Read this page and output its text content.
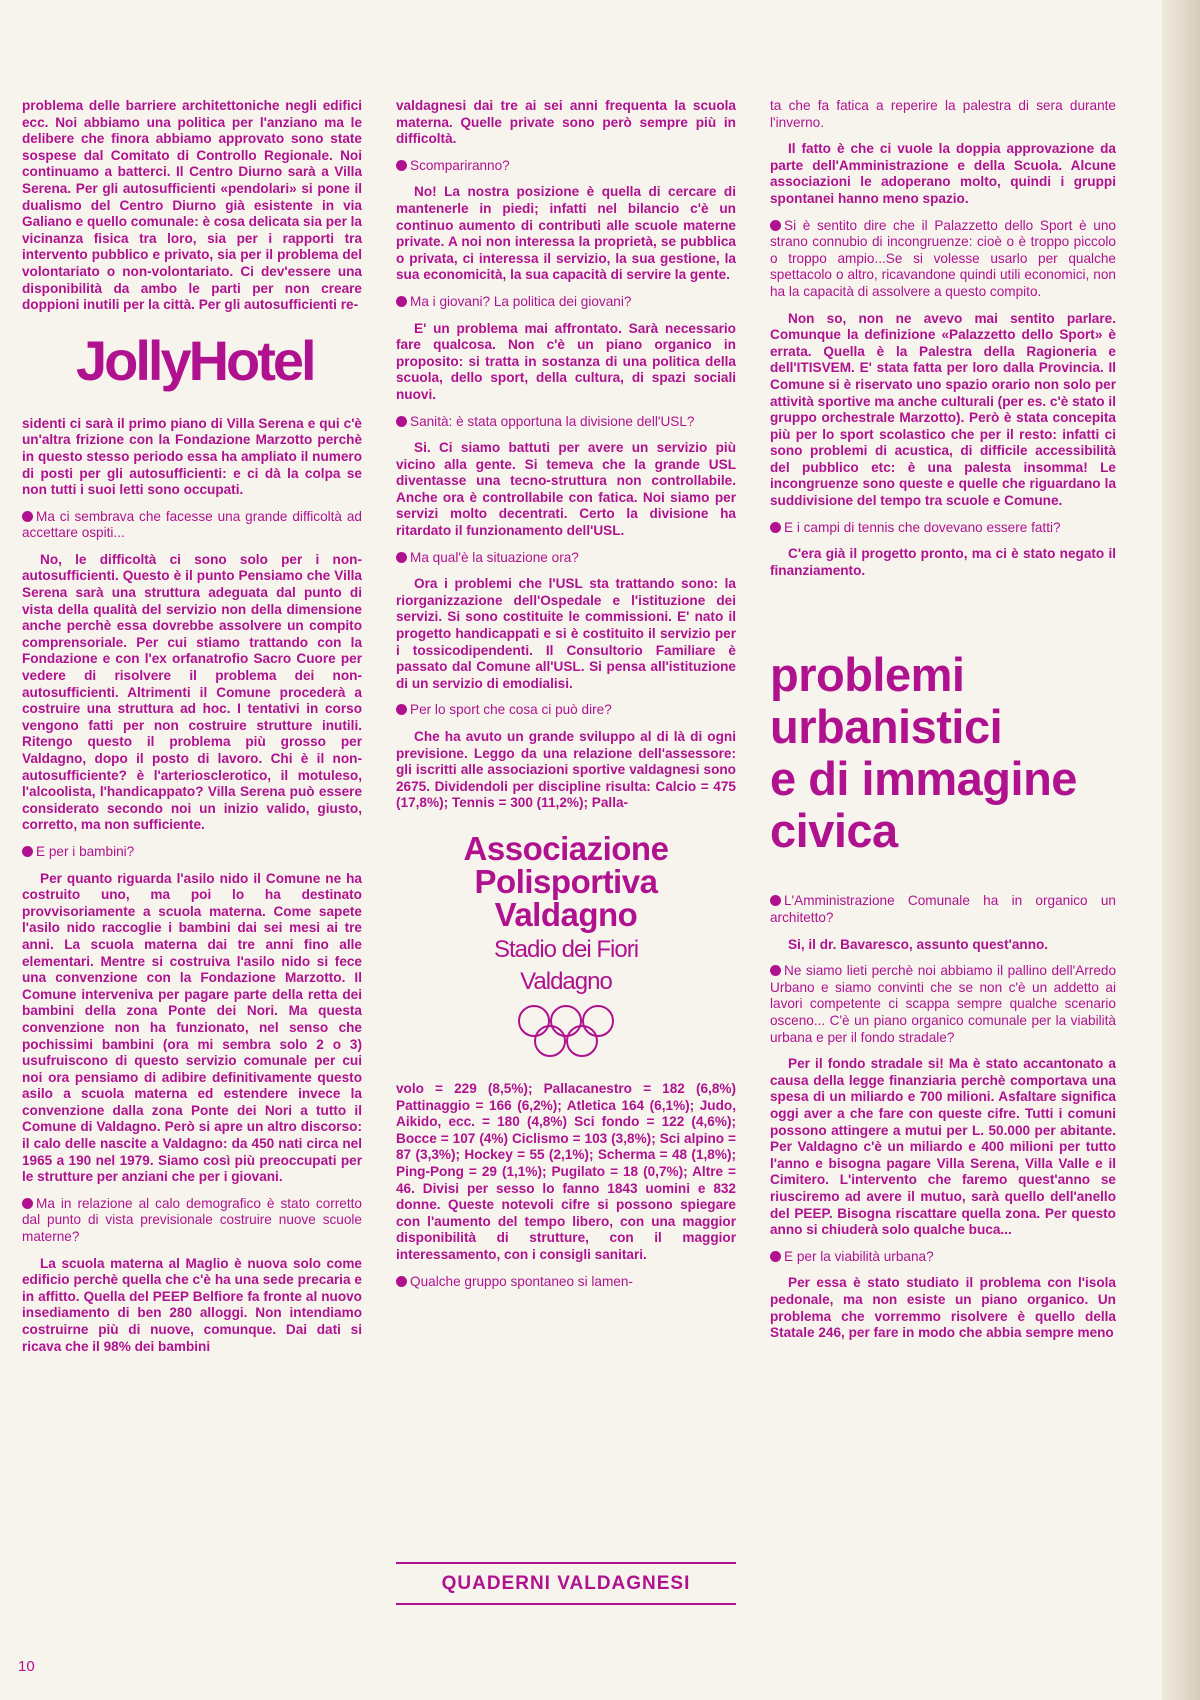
problema delle barriere architettoniche negli edifici ecc. Noi abbiamo una politica per l'anziano ma le delibere che finora abbiamo approvato sono state sospese dal Comitato di Controllo Regionale. Noi continuamo a batterci. Il Centro Diurno sarà a Villa Serena. Per gli autosufficienti «pendolari» si pone il dualismo del Centro Diurno già esistente in via Galiano e quello comunale: è cosa delicata sia per la vicinanza fisica tra loro, sia per i rapporti tra intervento pubblico e privato, sia per il problema del volontariato o non-volontariato. Ci dev'essere una disponibilità da ambo le parti per non creare doppioni inutili per la città. Per gli autosufficienti re-

JollyHotel

sidenti ci sarà il primo piano di Villa Serena e qui c'è un'altra frizione con la Fondazione Marzotto perchè in questo stesso periodo essa ha ampliato il numero di posti per gli autosufficienti: e ci dà la colpa se non tutti i suoi letti sono occupati.

Ma ci sembrava che facesse una grande difficoltà ad accettare ospiti...

No, le difficoltà ci sono solo per i non-autosufficienti. Questo è il punto Pensiamo che Villa Serena sarà una struttura adeguata dal punto di vista della qualità del servizio non della dimensione anche perchè essa dovrebbe assolvere un compito comprensoriale. Per cui stiamo trattando con la Fondazione e con l'ex orfanatrofio Sacro Cuore per vedere di risolvere il problema dei non-autosufficienti. Altrimenti il Comune procederà a costruire una struttura ad hoc. I tentativi in corso vengono fatti per non costruire strutture inutili. Ritengo questo il problema più grosso per Valdagno, dopo il posto di lavoro. Chi è il non-autosufficiente? è l'arteriosclerotico, il motuleso, l'alcoolista, l'handicappato? Villa Serena può essere considerato secondo noi un inizio valido, giusto, corretto, ma non sufficiente.

E per i bambini?

Per quanto riguarda l'asilo nido il Comune ne ha costruito uno, ma poi lo ha destinato provvisoriamente a scuola materna. Come sapete l'asilo nido raccoglie i bambini dai sei mesi ai tre anni. La scuola materna dai tre anni fino alle elementari. Mentre si costruiva l'asilo nido si fece una convenzione con la Fondazione Marzotto. Il Comune interveniva per pagare parte della retta dei bambini della zona Ponte dei Nori. Ma questa convenzione non ha funzionato, nel senso che pochissimi bambini (ora mi sembra solo 2 o 3) usufruiscono di questo servizio comunale per cui noi ora pensiamo di adibire definitivamente questo asilo a scuola materna ed estendere invece la convenzione dalla zona Ponte dei Nori a tutto il Comune di Valdagno. Però si apre un altro discorso: il calo delle nascite a Valdagno: da 450 nati circa nel 1965 a 190 nel 1979. Siamo così più preoccupati per le strutture per anziani che per i giovani.

Ma in relazione al calo demografico è stato corretto dal punto di vista previsionale costruire nuove scuole materne?

La scuola materna al Maglio è nuova solo come edificio perchè quella che c'è ha una sede precaria e in affitto. Quella del PEEP Belfiore fa fronte al nuovo insediamento di ben 280 alloggi. Non intendiamo costruirne più di nuove, comunque. Dai dati si ricava che il 98% dei bambini

valdagnesi dai tre ai sei anni frequenta la scuola materna. Quelle private sono però sempre più in difficoltà.

Scompariranno?

No! La nostra posizione è quella di cercare di mantenerle in piedi; infatti nel bilancio c'è un continuo aumento di contributi alle scuole materne private. A noi non interessa la proprietà, se pubblica o privata, ci interessa il servizio, la sua gestione, la sua economicità, la sua capacità di servire la gente.

Ma i giovani? La politica dei giovani?

E' un problema mai affrontato. Sarà necessario fare qualcosa. Non c'è un piano organico in proposito: si tratta in sostanza di una politica della scuola, dello sport, della cultura, di spazi sociali nuovi.

Sanità: è stata opportuna la divisione dell'USL?

Si. Ci siamo battuti per avere un servizio più vicino alla gente. Si temeva che la grande USL diventasse una tecno-struttura non controllabile. Anche ora è controllabile con fatica. Noi siamo per servizi molto decentrati. Certo la divisione ha ritardato il funzionamento dell'USL.

Ma qual'è la situazione ora?

Ora i problemi che l'USL sta trattando sono: la riorganizzazione dell'Ospedale e l'istituzione dei servizi. Si sono costituite le commissioni. E' nato il progetto handicappati e si è costituito il servizio per i tossicodipendenti. Il Consultorio Familiare è passato dal Comune all'USL. Si pensa all'istituzione di un servizio di emodialisi.

Per lo sport che cosa ci può dire?

Che ha avuto un grande sviluppo al di là di ogni previsione. Leggo da una relazione dell'assessore: gli iscritti alle associazioni sportive valdagnesi sono 2675. Dividendoli per discipline risulta: Calcio = 475 (17,8%); Tennis = 300 (11,2%); Palla-

Associazione
Polisportiva
Valdagno
Stadio dei Fiori
Valdagno

volo = 229 (8,5%); Pallacanestro = 182 (6,8%) Pattinaggio = 166 (6,2%); Atletica 164 (6,1%); Judo, Aikido, ecc. = 180 (4,8%) Sci fondo = 122 (4,6%); Bocce = 107 (4%) Ciclismo = 103 (3,8%); Sci alpino = 87 (3,3%); Hockey = 55 (2,1%); Scherma = 48 (1,8%); Ping-Pong = 29 (1,1%); Pugilato = 18 (0,7%); Altre = 46. Divisi per sesso lo fanno 1843 uomini e 832 donne. Queste notevoli cifre si possono spiegare con l'aumento del tempo libero, con una maggior disponibilità di strutture, con il maggior interessamento, con i consigli sanitari.

Qualche gruppo spontaneo si lamen-

ta che fa fatica a reperire la palestra di sera durante l'inverno.

Il fatto è che ci vuole la doppia approvazione da parte dell'Amministrazione e della Scuola. Alcune associazioni le adoperano molto, quindi i gruppi spontanei hanno meno spazio.

Si è sentito dire che il Palazzetto dello Sport è uno strano connubio di incongruenze: cioè o è troppo piccolo o troppo ampio...Se si volesse usarlo per qualche spettacolo o altro, ricavandone quindi utili economici, non ha la capacità di assolvere a questo compito.

Non so, non ne avevo mai sentito parlare. Comunque la definizione «Palazzetto dello Sport» è errata. Quella è la Palestra della Ragioneria e dell'ITISVEM. E' stata fatta per loro dalla Provincia. Il Comune si è riservato uno spazio orario non solo per attività sportive ma anche culturali (per es. c'è stato il gruppo orchestrale Marzotto). Però è stata concepita più per lo sport scolastico che per il resto: infatti ci sono problemi di acustica, di difficile accessibilità del pubblico etc: è una palesta insomma! Le incongruenze sono queste e quelle che riguardano la suddivisione del tempo tra scuole e Comune.

E i campi di tennis che dovevano essere fatti?

C'era già il progetto pronto, ma ci è stato negato il finanziamento.

problemi
urbanistici
e di immagine
civica

L'Amministrazione Comunale ha in organico un architetto?

Si, il dr. Bavaresco, assunto quest'anno.

Ne siamo lieti perchè noi abbiamo il pallino dell'Arredo Urbano e siamo convinti che se non c'è un addetto ai lavori competente ci scappa sempre qualche scenario osceno... C'è un piano organico comunale per la viabilità urbana e per il fondo stradale?

Per il fondo stradale si! Ma è stato accantonato a causa della legge finanziaria perchè comportava una spesa di un miliardo e 700 milioni. Asfaltare significa oggi aver a che fare con queste cifre. Tutti i comuni possono attingere a mutui per L. 50.000 per abitante. Per Valdagno c'è un miliardo e 400 milioni per tutto l'anno e bisogna pagare Villa Serena, Villa Valle e il Cimitero. L'intervento che faremo quest'anno se riusciremo ad avere il mutuo, sarà quello dell'anello del PEEP. Bisogna riscattare quella zona. Per questo anno si chiuderà solo qualche buca...

E per la viabilità urbana?

Per essa è stato studiato il problema con l'isola pedonale, ma non esiste un piano organico. Un problema che vorremmo risolvere è quello della Statale 246, per fare in modo che abbia sempre meno

QUADERNI VALDAGNESI
10
